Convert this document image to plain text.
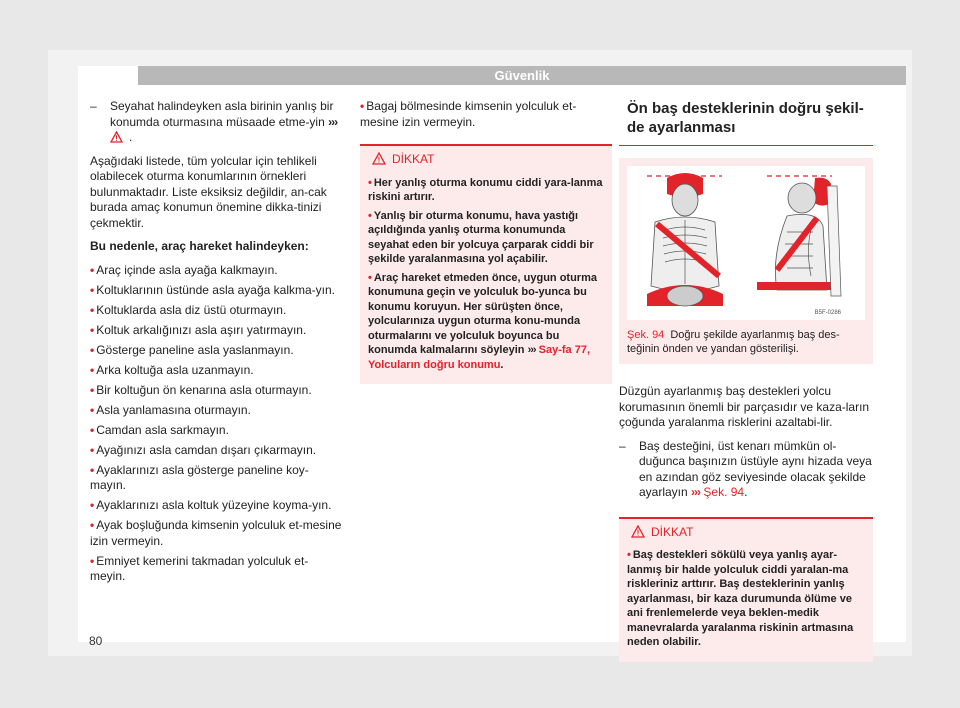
Güvenlik
– Seyahat halindeyken asla birinin yanlış bir konumda oturmasına müsaade etme-yin ››› .

Aşağıdaki listede, tüm yolcular için tehlikeli olabilecek oturma konumlarının örnekleri bulunmaktadır. Liste eksiksiz değildir, an-cak burada amaç konumun önemine dikka-tinizi çekmektir.

Bu nedenle, araç hareket halindeyken:

• Araç içinde asla ayağa kalkmayın.
• Koltuklarının üstünde asla ayağa kalkma-yın.
• Koltuklarda asla diz üstü oturmayın.
• Koltuk arkalığınızı asla aşırı yatırmayın.
• Gösterge paneline asla yaslanmayın.
• Arka koltuğa asla uzanmayın.
• Bir koltuğun ön kenarına asla oturmayın.
• Asla yanlamasına oturmayın.
• Camdan asla sarkmayın.
• Ayağınızı asla camdan dışarı çıkarmayın.
• Ayaklarınızı asla gösterge paneline koy-mayın.
• Ayaklarınızı asla koltuk yüzeyine koyma-yın.
• Ayak boşluğunda kimsenin yolculuk et-mesine izin vermeyin.
• Emniyet kemerini takmadan yolculuk et-meyin.
• Bagaj bölmesinde kimsenin yolculuk et-mesine izin vermeyin.
DİKKAT
• Her yanlış oturma konumu ciddi yara-lanma riskini artırır.
• Yanlış bir oturma konumu, hava yastığı açıldığında yanlış oturma konumunda seyahat eden bir yolcuya çarparak ciddi bir şekilde yaralanmasına yol açabilir.
• Araç hareket etmeden önce, uygun oturma konumuna geçin ve yolculuk bo-yunca bu konumu koruyun. Her sürüşten önce, yolcularınıza uygun oturma konu-munda oturmalarını ve yolculuk boyunca bu konumda kalmalarını söyleyin ››› Say-fa 77, Yolcuların doğru konumu.
Ön baş desteklerinin doğru şekil-de ayarlanması
B5F-0286
Şek. 94 Doğru şekilde ayarlanmış baş des-teğinin önden ve yandan gösterilişi.

Düzgün ayarlanmış baş destekleri yolcu korumasının önemli bir parçasıdır ve kaza-ların çoğunda yaralanma risklerini azaltabi-lir.

– Baş desteğini, üst kenarı mümkün ol-duğunca başınızın üstüyle aynı hizada veya en azından göz seviyesinde olacak şekilde ayarlayın ››› Şek. 94.
DİKKAT
• Baş destekleri sökülü veya yanlış ayar-lanmış bir halde yolculuk ciddi yaralan-ma riskleriniz arttırır. Baş desteklerinin yanlış ayarlanması, bir kaza durumunda ölüme ve ani frenlemelerde veya beklen-medik manevralarda yaralanma riskinin artmasına neden olabilir.
80
